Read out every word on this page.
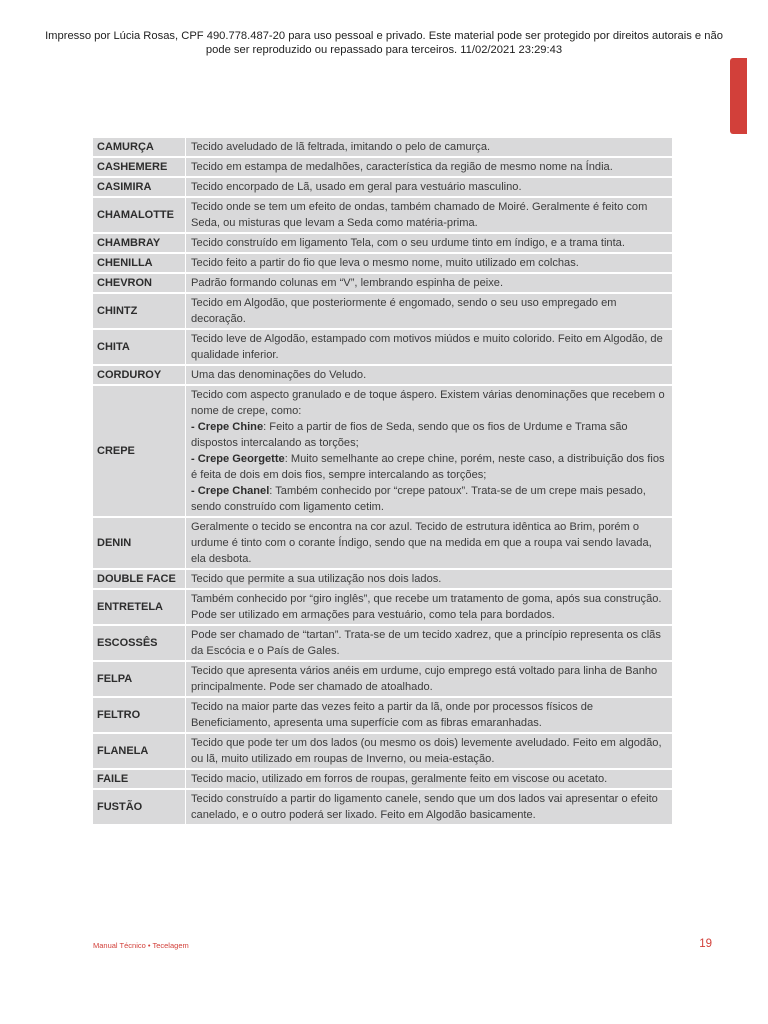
Impresso por Lúcia Rosas, CPF 490.778.487-20 para uso pessoal e privado. Este material pode ser protegido por direitos autorais e não
pode ser reproduzido ou repassado para terceiros. 11/02/2021 23:29:43
CAMURÇA	Tecido aveludado de lã feltrada, imitando o pelo de camurça.
CASHEMERE	Tecido em estampa de medalhões, característica da região de mesmo nome na Índia.
CASIMIRA	Tecido encorpado de Lã, usado em geral para vestuário masculino.
CHAMALOTTE	Tecido onde se tem um efeito de ondas, também chamado de Moiré. Geralmente é feito com Seda, ou misturas que levam a Seda como matéria-prima.
CHAMBRAY	Tecido construído em ligamento Tela, com o seu urdume tinto em índigo, e a trama tinta.
CHENILLA	Tecido feito a partir do fio que leva o mesmo nome, muito utilizado em colchas.
CHEVRON	Padrão formando colunas em “V”, lembrando espinha de peixe.
CHINTZ	Tecido em Algodão, que posteriormente é engomado, sendo o seu uso empregado em decoração.
CHITA	Tecido leve de Algodão, estampado com motivos miúdos e muito colorido. Feito em Algodão, de qualidade inferior.
CORDUROY	Uma das denominações do Veludo.
CREPE	Tecido com aspecto granulado e de toque áspero. Existem várias denominações que recebem o nome de crepe, como:
- Crepe Chine: Feito a partir de fios de Seda, sendo que os fios de Urdume e Trama são dispostos intercalando as torções;
- Crepe Georgette: Muito semelhante ao crepe chine, porém, neste caso, a distribuição dos fios é feita de dois em dois fios, sempre intercalando as torções;
- Crepe Chanel: Também conhecido por “crepe patoux”. Trata-se de um crepe mais pesado, sendo construído com ligamento cetim.
DENIN	Geralmente o tecido se encontra na cor azul. Tecido de estrutura idêntica ao Brim, porém o urdume é tinto com o corante Índigo, sendo que na medida em que a roupa vai sendo lavada, ela desbota.
DOUBLE FACE	Tecido que permite a sua utilização nos dois lados.
ENTRETELA	Também conhecido por “giro inglês”, que recebe um tratamento de goma, após sua construção. Pode ser utilizado em armações para vestuário, como tela para bordados.
ESCOSSÊS	Pode ser chamado de “tartan”. Trata-se de um tecido xadrez, que a princípio representa os clãs da Escócia e o País de Gales.
FELPA	Tecido que apresenta vários anéis em urdume, cujo emprego está voltado para linha de Banho principalmente. Pode ser chamado de atoalhado.
FELTRO	Tecido na maior parte das vezes feito a partir da lã, onde por processos físicos de Beneficiamento, apresenta uma superfície com as fibras emaranhadas.
FLANELA	Tecido que pode ter um dos lados (ou mesmo os dois) levemente aveludado. Feito em algodão, ou lã, muito utilizado em roupas de Inverno, ou meia-estação.
FAILE	Tecido macio, utilizado em forros de roupas, geralmente feito em viscose ou acetato.
FUSTÃO	Tecido construído a partir do ligamento canele, sendo que um dos lados vai apresentar o efeito canelado, e o outro poderá ser lixado. Feito em Algodão basicamente.
Manual Técnico • Tecelagem	19
